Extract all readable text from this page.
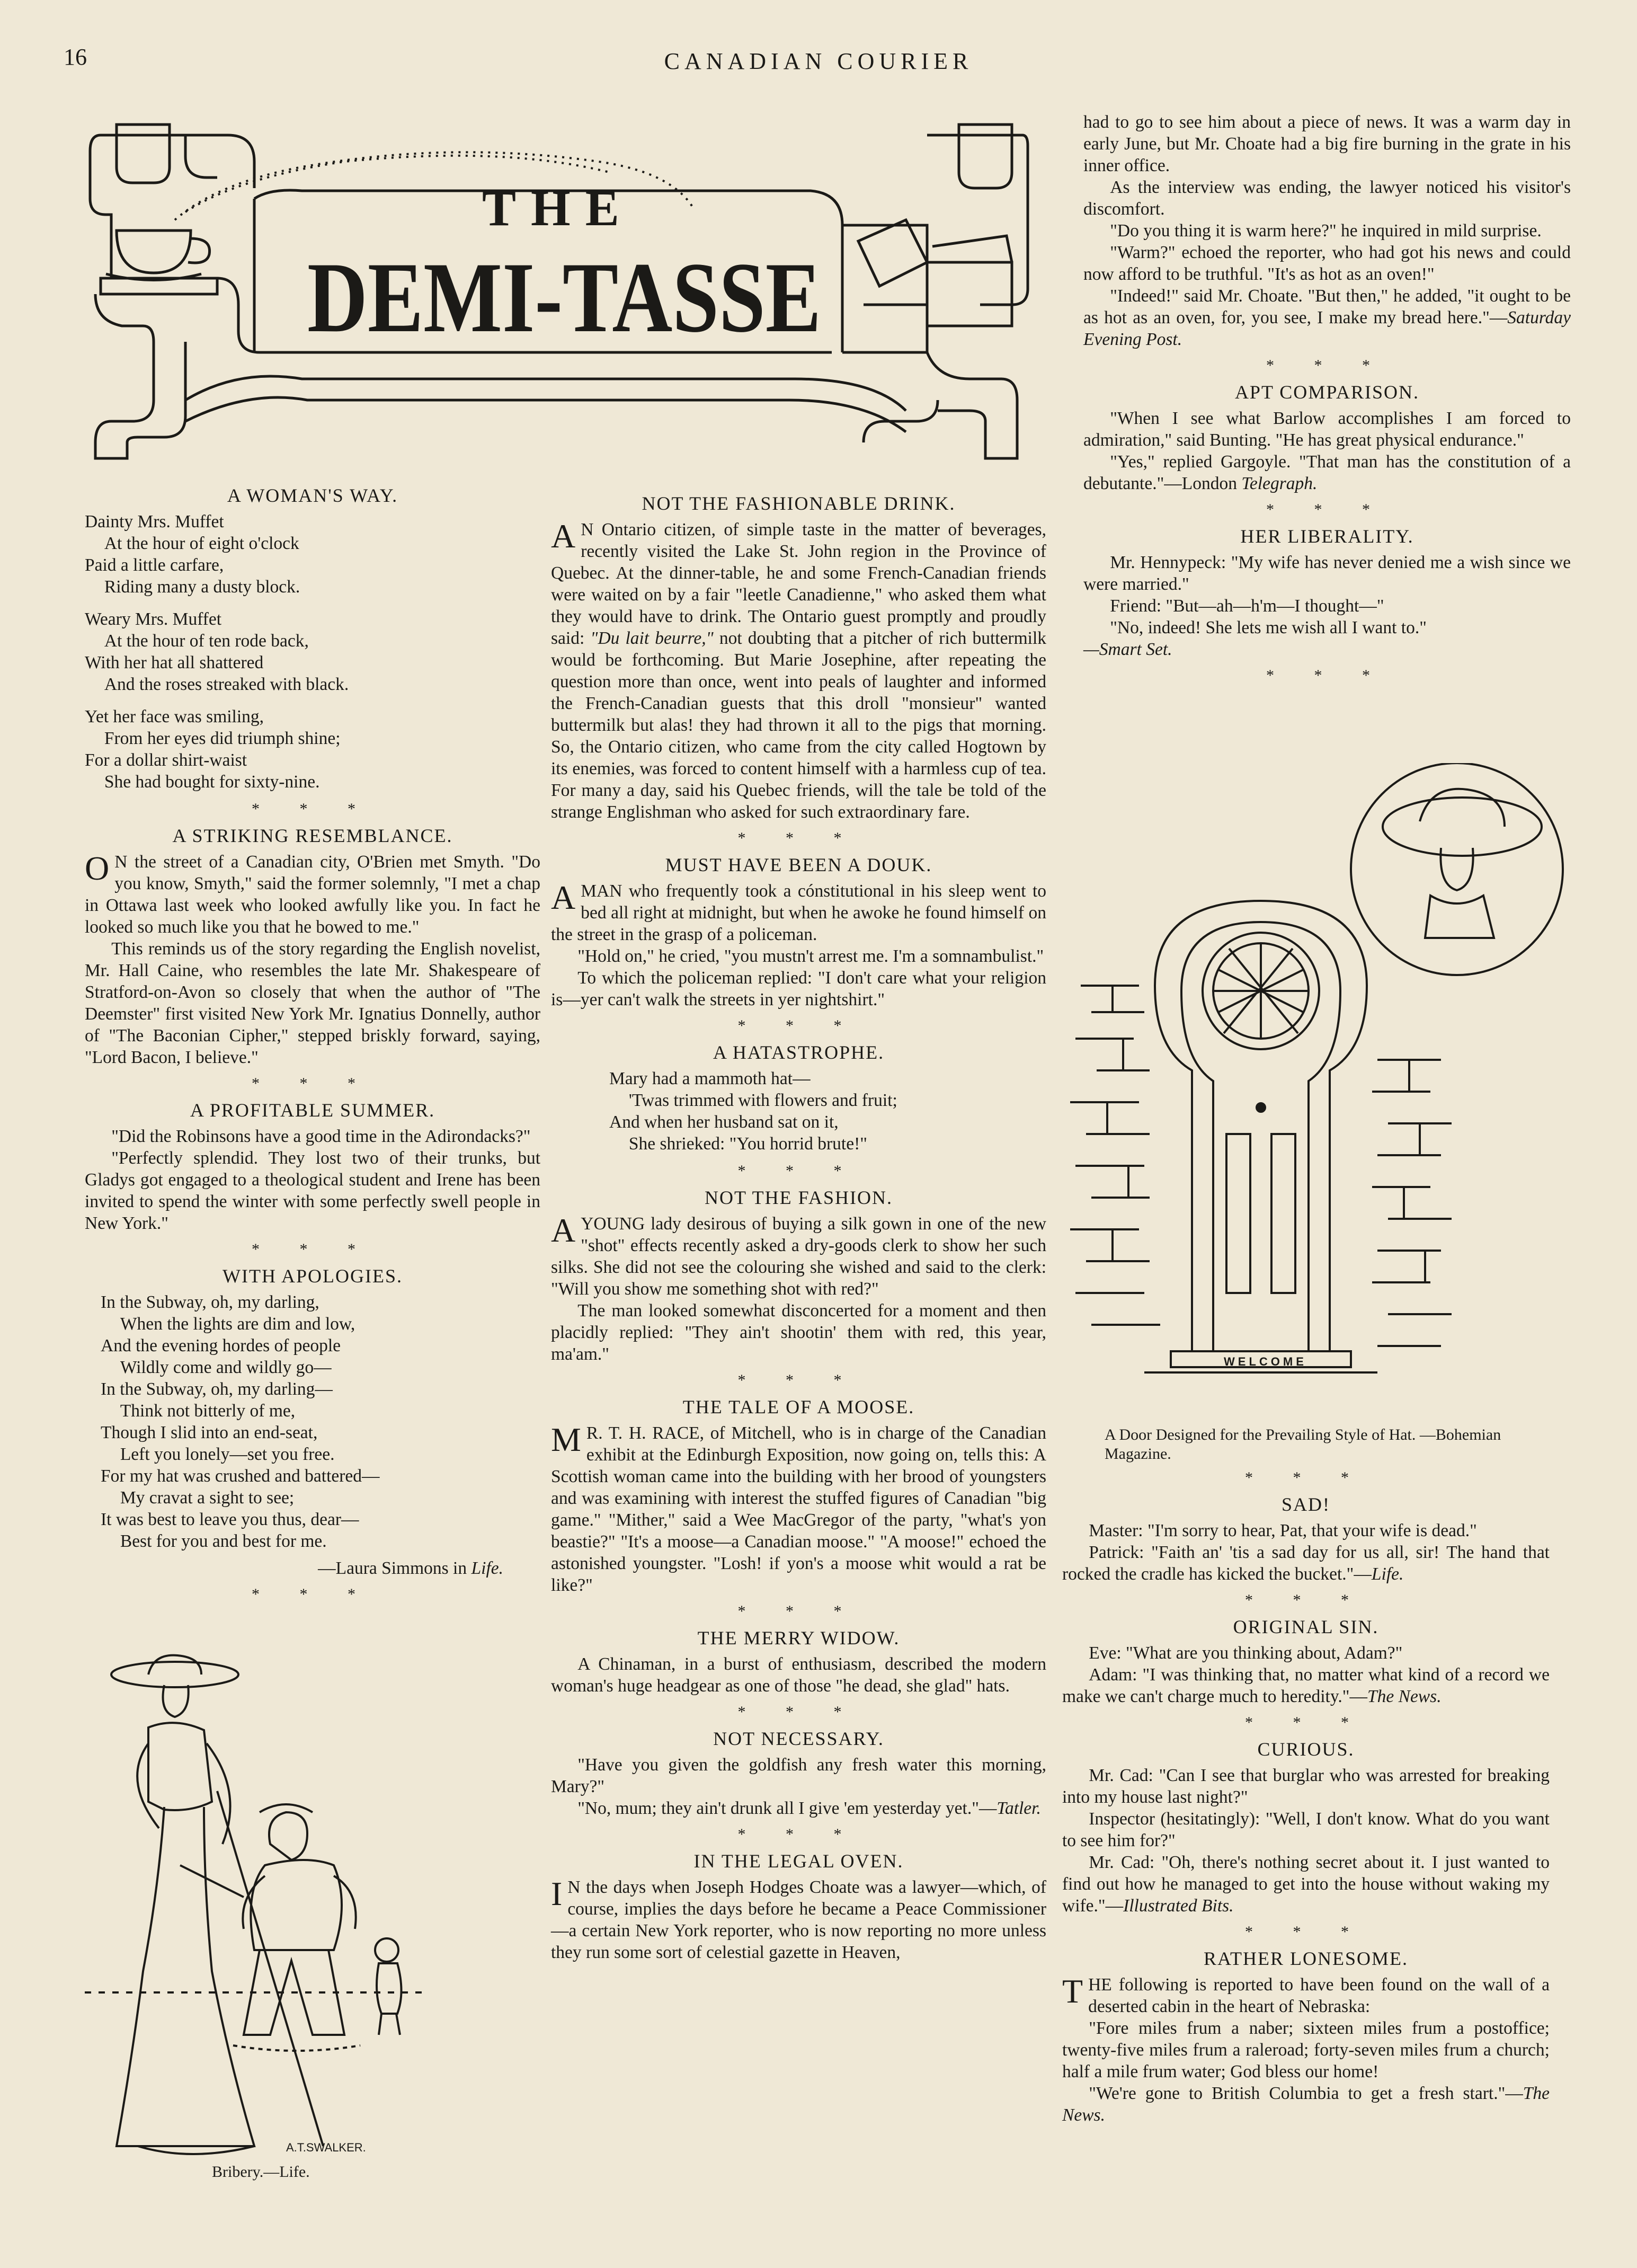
16	CANADIAN COURIER
THE
DEMI-TASSE
A WOMAN'S WAY.
Dainty Mrs. Muffet
At the hour of eight o'clock
Paid a little carfare,
Riding many a dusty block.
Weary Mrs. Muffet
At the hour of ten rode back,
With her hat all shattered
And the roses streaked with black.
Yet her face was smiling,
From her eyes did triumph shine;
For a dollar shirt-waist
She had bought for sixty-nine.
* * *
A STRIKING RESEMBLANCE.

O N the street of a Canadian city, O'Brien met Smyth. "Do you know, Smyth," said the former solemnly, "I met a chap in Ottawa last week who looked awfully like you. In fact he looked so much like you that he bowed to me."

This reminds us of the story regarding the English novelist, Mr. Hall Caine, who resembles the late Mr. Shakespeare of Stratford-on-Avon so closely that when the author of "The Deemster" first visited New York Mr. Ignatius Donnelly, author of "The Baconian Cipher," stepped briskly forward, saying, "Lord Bacon, I believe."

* * *
A PROFITABLE SUMMER.

"Did the Robinsons have a good time in the Adirondacks?"

"Perfectly splendid. They lost two of their trunks, but Gladys got engaged to a theological student and Irene has been invited to spend the winter with some perfectly swell people in New York."

* * *
WITH APOLOGIES.
In the Subway, oh, my darling,
When the lights are dim and low,
And the evening hordes of people
Wildly come and wildly go—
In the Subway, oh, my darling—
Think not bitterly of me,
Though I slid into an end-seat,
Left you lonely—set you free.
For my hat was crushed and battered—
My cravat a sight to see;
It was best to leave you thus, dear—
Best for you and best for me.
—Laura Simmons in Life.
* * *
A.T.SWALKER.
Bribery.—Life.
NOT THE FASHIONABLE DRINK.

A N Ontario citizen, of simple taste in the matter of beverages, recently visited the Lake St. John region in the Province of Quebec. At the dinner-table, he and some French-Canadian friends were waited on by a fair "leetle Canadienne," who asked them what they would have to drink. The Ontario guest promptly and proudly said: "Du lait beurre," not doubting that a pitcher of rich buttermilk would be forthcoming. But Marie Josephine, after repeating the question more than once, went into peals of laughter and informed the French-Canadian guests that this droll "monsieur" wanted buttermilk but alas! they had thrown it all to the pigs that morning. So, the Ontario citizen, who came from the city called Hogtown by its enemies, was forced to content himself with a harmless cup of tea. For many a day, said his Quebec friends, will the tale be told of the strange Englishman who asked for such extraordinary fare.

* * *
MUST HAVE BEEN A DOUK.

AMAN who frequently took a cónstitutional in his sleep went to bed all right at midnight, but when he awoke he found himself on the street in the grasp of a policeman.

"Hold on," he cried, "you mustn't arrest me. I'm a somnambulist."

To which the policeman replied: "I don't care what your religion is—yer can't walk the streets in yer nightshirt."

* * *
A HATASTROPHE.
Mary had a mammoth hat—
'Twas trimmed with flowers and fruit;
And when her husband sat on it,
She shrieked: "You horrid brute!"
* * *
NOT THE FASHION.

AYOUNG lady desirous of buying a silk gown in one of the new "shot" effects recently asked a dry-goods clerk to show her such silks. She did not see the colouring she wished and said to the clerk: "Will you show me something shot with red?"

The man looked somewhat disconcerted for a moment and then placidly replied: "They ain't shootin' them with red, this year, ma'am."

* * *
THE TALE OF A MOOSE.

M R. T. H. RACE, of Mitchell, who is in charge of the Canadian exhibit at the Edinburgh Exposition, now going on, tells this: A Scottish woman came into the building with her brood of youngsters and was examining with interest the stuffed figures of Canadian "big game." "Mither," said a Wee MacGregor of the party, "what's yon beastie?" "It's a moose—a Canadian moose." "A moose!" echoed the astonished youngster. "Losh! if yon's a moose whit would a rat be like?"

* * *
THE MERRY WIDOW.

A Chinaman, in a burst of enthusiasm, described the modern woman's huge headgear as one of those "he dead, she glad" hats.

* * *
NOT NECESSARY.

"Have you given the goldfish any fresh water this morning, Mary?"

"No, mum; they ain't drunk all I give 'em yesterday yet."—Tatler.

* * *
IN THE LEGAL OVEN.

I N the days when Joseph Hodges Choate was a lawyer—which, of course, implies the days before he became a Peace Commissioner—a certain New York reporter, who is now reporting no more unless they run some sort of celestial gazette in Heaven,

had to go to see him about a piece of news. It was a warm day in early June, but Mr. Choate had a big fire burning in the grate in his inner office.

As the interview was ending, the lawyer noticed his visitor's discomfort.

"Do you thing it is warm here?" he inquired in mild surprise.

"Warm?" echoed the reporter, who had got his news and could now afford to be truthful. "It's as hot as an oven!"

"Indeed!" said Mr. Choate. "But then," he added, "it ought to be as hot as an oven, for, you see, I make my bread here."—Saturday Evening Post.

* * *
APT COMPARISON.

"When I see what Barlow accomplishes I am forced to admiration," said Bunting. "He has great physical endurance."

"Yes," replied Gargoyle. "That man has the constitution of a debutante."—London Telegraph.

* * *
HER LIBERALITY.

Mr. Hennypeck: "My wife has never denied me a wish since we were married."

Friend: "But—ah—h'm—I thought—"

"No, indeed! She lets me wish all I want to."

—Smart Set.

* * *
WELCOME
A Door Designed for the Prevailing Style of Hat. —Bohemian Magazine.
* * *
SAD!

Master: "I'm sorry to hear, Pat, that your wife is dead."

Patrick: "Faith an' 'tis a sad day for us all, sir! The hand that rocked the cradle has kicked the bucket."—Life.

* * *
ORIGINAL SIN.

Eve: "What are you thinking about, Adam?"

Adam: "I was thinking that, no matter what kind of a record we make we can't charge much to heredity."—The News.

* * *
CURIOUS.

Mr. Cad: "Can I see that burglar who was arrested for breaking into my house last night?"

Inspector (hesitatingly): "Well, I don't know. What do you want to see him for?"

Mr. Cad: "Oh, there's nothing secret about it. I just wanted to find out how he managed to get into the house without waking my wife."—Illustrated Bits.

* * *
RATHER LONESOME.

THE following is reported to have been found on the wall of a deserted cabin in the heart of Nebraska:

"Fore miles frum a naber; sixteen miles frum a postoffice; twenty-five miles frum a raleroad; forty-seven miles frum a church; half a mile frum water; God bless our home!

"We're gone to British Columbia to get a fresh start."—The News.
